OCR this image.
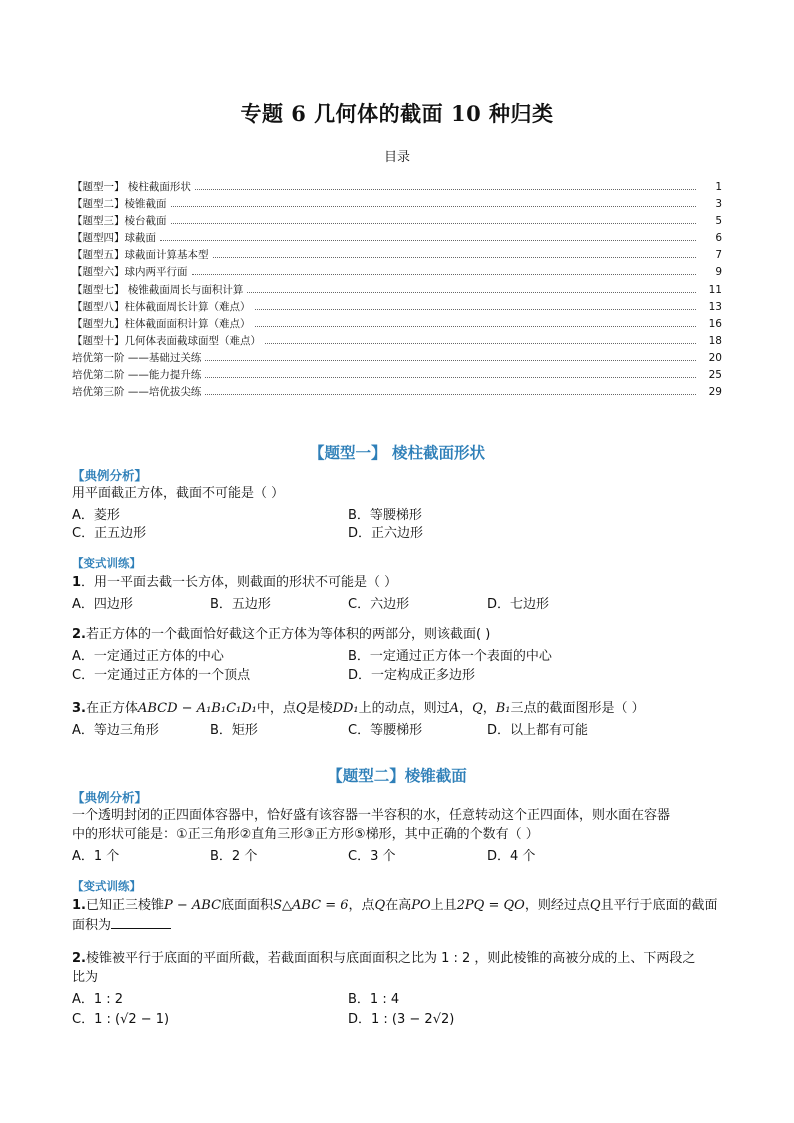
专题 6 几何体的截面 10 种归类
目录
【题型一】 棱柱截面形状	1
【题型二】棱锥截面	3
【题型三】棱台截面	5
【题型四】球截面	6
【题型五】球截面计算基本型	7
【题型六】球内两平行面	9
【题型七】 棱锥截面周长与面积计算	11
【题型八】柱体截面周长计算（难点）	13
【题型九】柱体截面面积计算（难点）	16
【题型十】几何体表面截球面型（难点）	18
培优第一阶 ——基础过关练	20
培优第二阶 ——能力提升练	25
培优第三阶 ——培优拔尖练	29
【题型一】 棱柱截面形状
【典例分析】
用平面截正方体，截面不可能是（ ）
A．菱形	B．等腰梯形
C．正五边形	D．正六边形
【变式训练】
1．用一平面去截一长方体，则截面的形状不可能是（ ）
A．四边形	B．五边形	C．六边形	D．七边形
2.若正方体的一个截面恰好截这个正方体为等体积的两部分，则该截面( )
A．一定通过正方体的中心	B．一定通过正方体一个表面的中心
C．一定通过正方体的一个顶点	D．一定构成正多边形
3.在正方体ABCD − A₁B₁C₁D₁中，点Q是棱DD₁上的动点，则过A，Q，B₁三点的截面图形是（ ）
A．等边三角形	B．矩形	C．等腰梯形	D．以上都有可能
【题型二】棱锥截面
【典例分析】
一个透明封闭的正四面体容器中，恰好盛有该容器一半容积的水，任意转动这个正四面体，则水面在容器
中的形状可能是：①正三角形②直角三形③正方形⑤梯形，其中正确的个数有（ ）
A．1 个	B．2 个	C．3 个	D．4 个
【变式训练】
1.已知正三棱锥P − ABC底面面积S△ABC = 6，点Q在高PO上且2PQ = QO，则经过点Q且平行于底面的截面
面积为
2.棱锥被平行于底面的平面所截，若截面面积与底面面积之比为 1 : 2 ，则此棱锥的高被分成的上、下两段之
比为
A．1 : 2	B．1 : 4
C．1 : (√2 − 1)	D．1 : (3 − 2√2)
